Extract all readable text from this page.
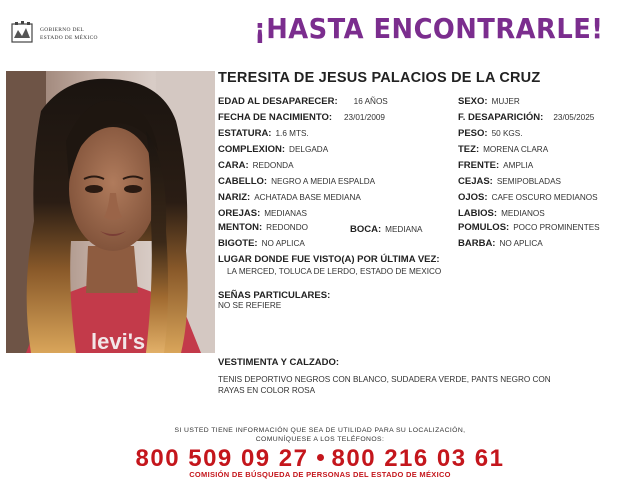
GOBIERNO DEL
ESTADO DE MÉXICO	¡HASTA ENCONTRARLE!
levi's
TERESITA DE JESUS PALACIOS DE LA CRUZ
EDAD AL DESAPARECER: 16 AÑOS
FECHA DE NACIMIENTO: 23/01/2009
ESTATURA: 1.6 MTS.
COMPLEXION: DELGADA
CARA: REDONDA
CABELLO: NEGRO A MEDIA ESPALDA
NARIZ: ACHATADA BASE MEDIANA
OREJAS: MEDIANAS
MENTON: REDONDO	BOCA: MEDIANA
BIGOTE: NO APLICA
SEXO: MUJER
F. DESAPARICIÓN: 23/05/2025
PESO: 50 KGS.
TEZ: MORENA CLARA
FRENTE: AMPLIA
CEJAS: SEMIPOBLADAS
OJOS: CAFE OSCURO MEDIANOS
LABIOS: MEDIANOS
POMULOS: POCO PROMINENTES
BARBA: NO APLICA
LUGAR DONDE FUE VISTO(A) POR ÚLTIMA VEZ:
LA MERCED, TOLUCA DE LERDO, ESTADO DE MEXICO
SEÑAS PARTICULARES:
NO SE REFIERE
VESTIMENTA Y CALZADO:
TENIS DEPORTIVO NEGROS CON BLANCO, SUDADERA VERDE, PANTS NEGRO CON
RAYAS EN COLOR ROSA
SI USTED TIENE INFORMACIÓN QUE SEA DE UTILIDAD PARA SU LOCALIZACIÓN,
COMUNÍQUESE A LOS TELÉFONOS:
800 509 09 27 800 216 03 61
COMISIÓN DE BÚSQUEDA DE PERSONAS DEL ESTADO DE MÉXICO
